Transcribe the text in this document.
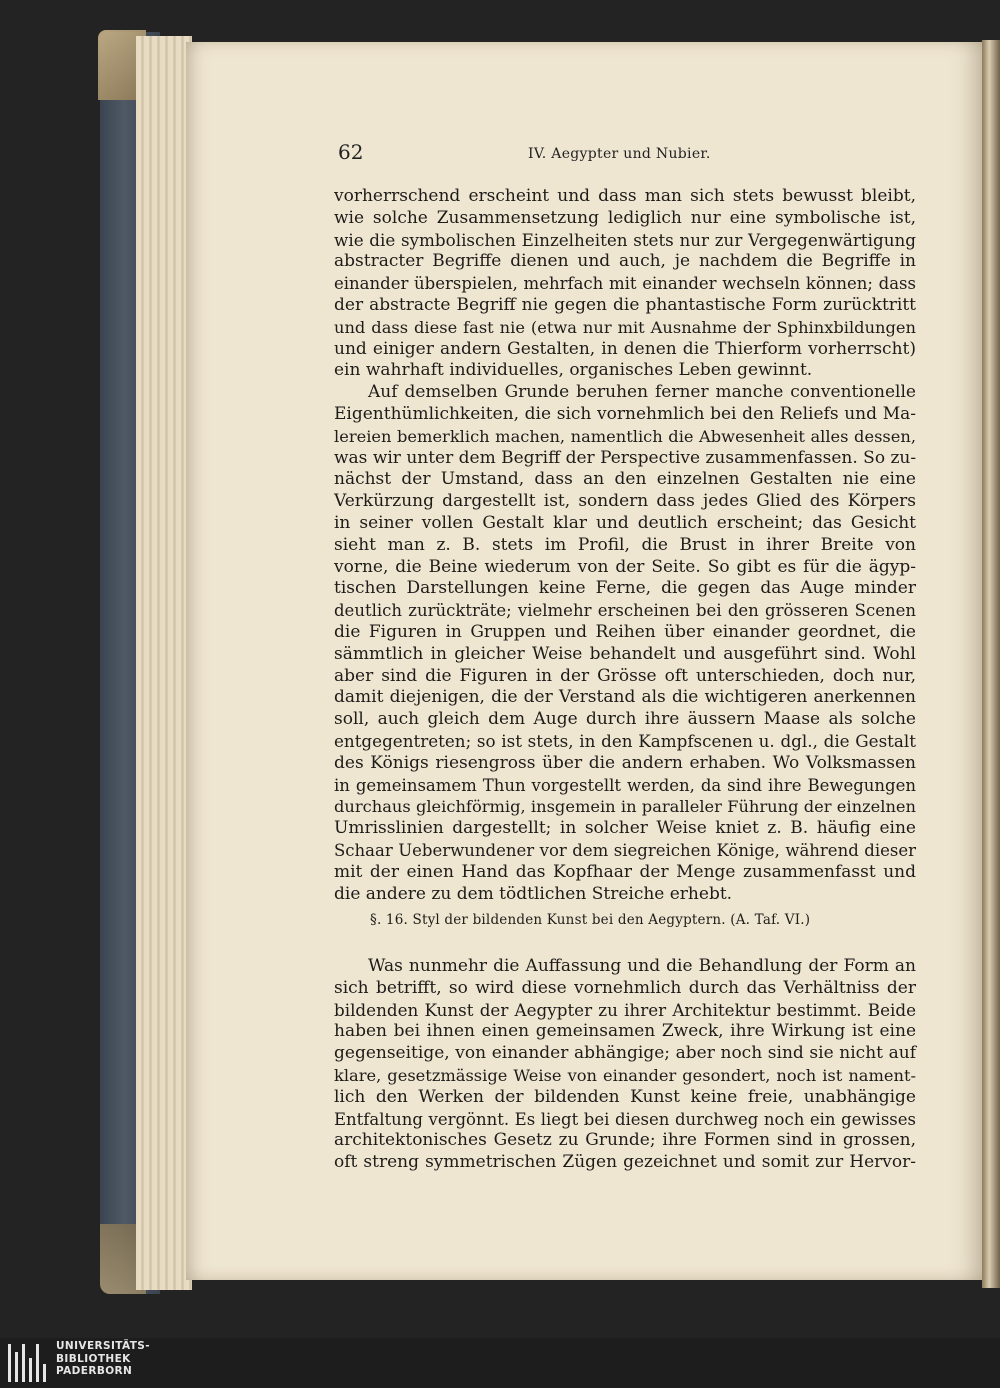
62	IV. Aegypter und Nubier.
vorherrschend erscheint und dass man sich stets bewusst bleibt,
wie solche Zusammensetzung lediglich nur eine symbolische ist,
wie die symbolischen Einzelheiten stets nur zur Vergegenwärtigung
abstracter Begriffe dienen und auch, je nachdem die Begriffe in
einander überspielen, mehrfach mit einander wechseln können; dass
der abstracte Begriff nie gegen die phantastische Form zurücktritt
und dass diese fast nie (etwa nur mit Ausnahme der Sphinxbildungen
und einiger andern Gestalten, in denen die Thierform vorherrscht)
ein wahrhaft individuelles, organisches Leben gewinnt.
Auf demselben Grunde beruhen ferner manche conventionelle
Eigenthümlichkeiten, die sich vornehmlich bei den Reliefs und Ma-
lereien bemerklich machen, namentlich die Abwesenheit alles dessen,
was wir unter dem Begriff der Perspective zusammenfassen. So zu-
nächst der Umstand, dass an den einzelnen Gestalten nie eine
Verkürzung dargestellt ist, sondern dass jedes Glied des Körpers
in seiner vollen Gestalt klar und deutlich erscheint; das Gesicht
sieht man z. B. stets im Profil, die Brust in ihrer Breite von
vorne, die Beine wiederum von der Seite. So gibt es für die ägyp-
tischen Darstellungen keine Ferne, die gegen das Auge minder
deutlich zurückträte; vielmehr erscheinen bei den grösseren Scenen
die Figuren in Gruppen und Reihen über einander geordnet, die
sämmtlich in gleicher Weise behandelt und ausgeführt sind. Wohl
aber sind die Figuren in der Grösse oft unterschieden, doch nur,
damit diejenigen, die der Verstand als die wichtigeren anerkennen
soll, auch gleich dem Auge durch ihre äussern Maase als solche
entgegentreten; so ist stets, in den Kampfscenen u. dgl., die Gestalt
des Königs riesengross über die andern erhaben. Wo Volksmassen
in gemeinsamem Thun vorgestellt werden, da sind ihre Bewegungen
durchaus gleichförmig, insgemein in paralleler Führung der einzelnen
Umrisslinien dargestellt; in solcher Weise kniet z. B. häufig eine
Schaar Ueberwundener vor dem siegreichen Könige, während dieser
mit der einen Hand das Kopfhaar der Menge zusammenfasst und
die andere zu dem tödtlichen Streiche erhebt.
§. 16. Styl der bildenden Kunst bei den Aegyptern. (A. Taf. VI.)
Was nunmehr die Auffassung und die Behandlung der Form an
sich betrifft, so wird diese vornehmlich durch das Verhältniss der
bildenden Kunst der Aegypter zu ihrer Architektur bestimmt. Beide
haben bei ihnen einen gemeinsamen Zweck, ihre Wirkung ist eine
gegenseitige, von einander abhängige; aber noch sind sie nicht auf
klare, gesetzmässige Weise von einander gesondert, noch ist nament-
lich den Werken der bildenden Kunst keine freie, unabhängige
Entfaltung vergönnt. Es liegt bei diesen durchweg noch ein gewisses
architektonisches Gesetz zu Grunde; ihre Formen sind in grossen,
oft streng symmetrischen Zügen gezeichnet und somit zur Hervor-
UNIVERSITÄTS-
BIBLIOTHEK
PADERBORN
